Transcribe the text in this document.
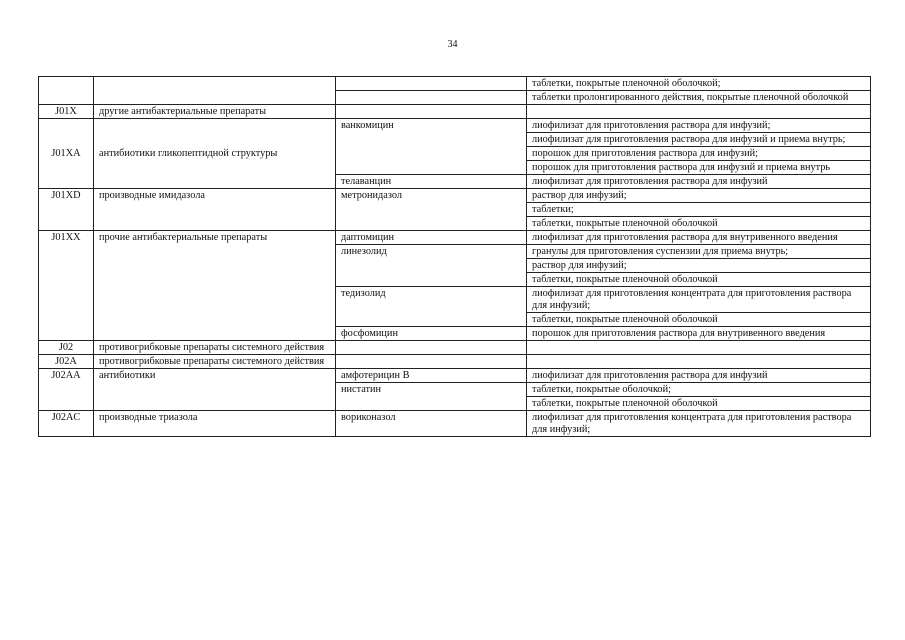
34
			таблетки, покрытые пленочной оболочкой;
			таблетки пролонгированного действия, покрытые пленочной оболочкой
J01X	другие антибактериальные препараты		
J01XA	антибиотики гликопептидной структуры	ванкомицин	лиофилизат для приготовления раствора для инфузий;
			лиофилизат для приготовления раствора для инфузий и приема внутрь;
			порошок для приготовления раствора для инфузий;
			порошок для приготовления раствора для инфузий и приема внутрь
		телаванцин	лиофилизат для приготовления раствора для инфузий
J01XD	производные имидазола	метронидазол	раствор для инфузий;
			таблетки;
			таблетки, покрытые пленочной оболочкой
J01XX	прочие антибактериальные препараты	даптомицин	лиофилизат для приготовления раствора для внутривенного введения
		линезолид	гранулы для приготовления суспензии для приема внутрь;
			раствор для инфузий;
			таблетки, покрытые пленочной оболочкой
		тедизолид	лиофилизат для приготовления концентрата для приготовления раствора для инфузий;
			таблетки, покрытые пленочной оболочкой
		фосфомицин	порошок для приготовления раствора для внутривенного введения
J02	противогрибковые препараты системного действия		
J02A	противогрибковые препараты системного действия		
J02AA	антибиотики	амфотерицин В	лиофилизат для приготовления раствора для инфузий
		нистатин	таблетки, покрытые оболочкой;
			таблетки, покрытые пленочной оболочкой
J02AC	производные триазола	вориконазол	лиофилизат для приготовления концентрата для приготовления раствора для инфузий;
